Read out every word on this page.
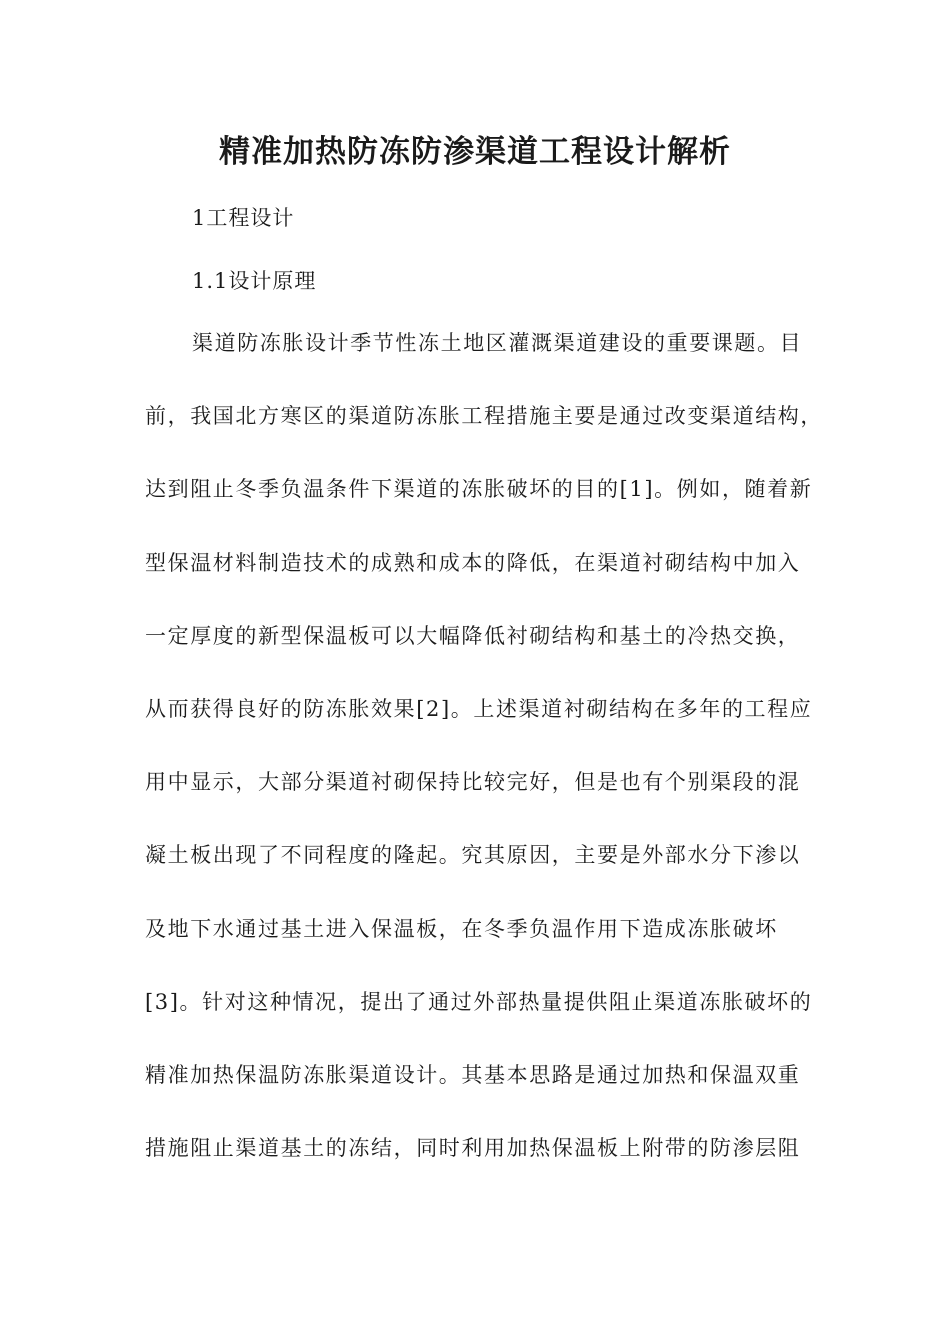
精准加热防冻防渗渠道工程设计解析

1工程设计

1.1设计原理

渠道防冻胀设计季节性冻土地区灌溉渠道建设的重要课题。目
前，我国北方寒区的渠道防冻胀工程措施主要是通过改变渠道结构，
达到阻止冬季负温条件下渠道的冻胀破坏的目的[1]。例如，随着新
型保温材料制造技术的成熟和成本的降低，在渠道衬砌结构中加入
一定厚度的新型保温板可以大幅降低衬砌结构和基土的冷热交换，
从而获得良好的防冻胀效果[2]。上述渠道衬砌结构在多年的工程应
用中显示，大部分渠道衬砌保持比较完好，但是也有个别渠段的混
凝土板出现了不同程度的隆起。究其原因，主要是外部水分下渗以
及地下水通过基土进入保温板，在冬季负温作用下造成冻胀破坏
[3]。针对这种情况，提出了通过外部热量提供阻止渠道冻胀破坏的
精准加热保温防冻胀渠道设计。其基本思路是通过加热和保温双重
措施阻止渠道基土的冻结，同时利用加热保温板上附带的防渗层阻
